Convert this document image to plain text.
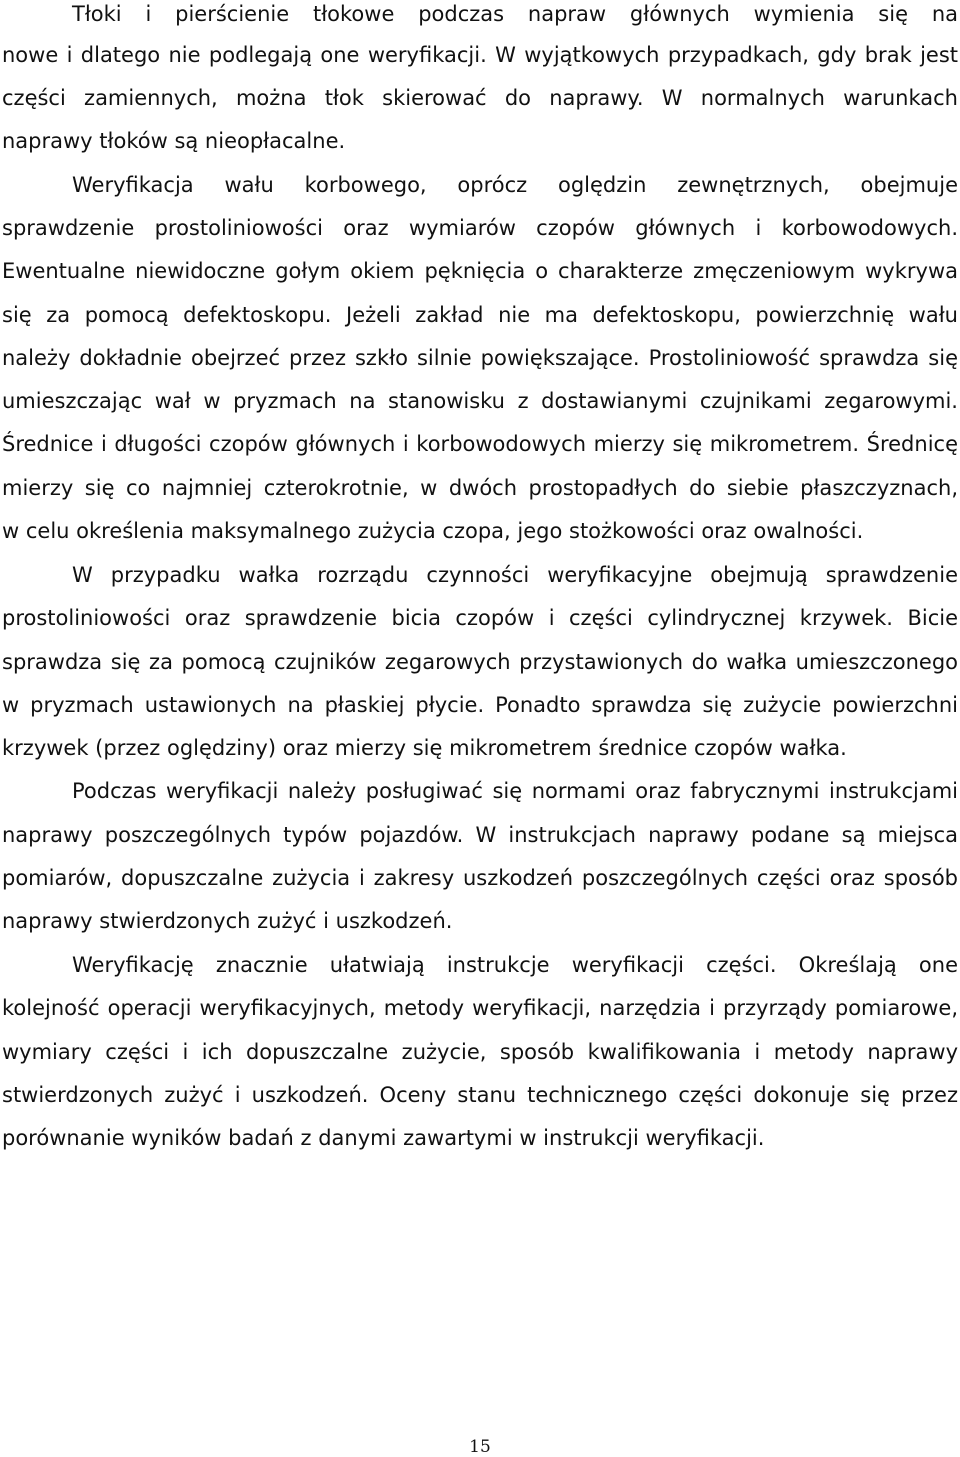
Tłoki i pierścienie tłokowe podczas napraw głównych wymienia się na
nowe i dlatego nie podlegają one weryfikacji. W wyjątkowych przypadkach, gdy brak jest
części zamiennych, można tłok skierować do naprawy. W normalnych warunkach
naprawy tłoków są nieopłacalne.
Weryfikacja wału korbowego, oprócz oględzin zewnętrznych, obejmuje
sprawdzenie prostoliniowości oraz wymiarów czopów głównych i korbowodowych.
Ewentualne niewidoczne gołym okiem pęknięcia o charakterze zmęczeniowym wykrywa
się za pomocą defektoskopu. Jeżeli zakład nie ma defektoskopu, powierzchnię wału
należy dokładnie obejrzeć przez szkło silnie powiększające. Prostoliniowość sprawdza się
umieszczając wał w pryzmach na stanowisku z dostawianymi czujnikami zegarowymi.
Średnice i długości czopów głównych i korbowodowych mierzy się mikrometrem. Średnicę
mierzy się co najmniej czterokrotnie, w dwóch prostopadłych do siebie płaszczyznach,
w celu określenia maksymalnego zużycia czopa, jego stożkowości oraz owalności.
W przypadku wałka rozrządu czynności weryfikacyjne obejmują sprawdzenie
prostoliniowości oraz sprawdzenie bicia czopów i części cylindrycznej krzywek. Bicie
sprawdza się za pomocą czujników zegarowych przystawionych do wałka umieszczonego
w pryzmach ustawionych na płaskiej płycie. Ponadto sprawdza się zużycie powierzchni
krzywek (przez oględziny) oraz mierzy się mikrometrem średnice czopów wałka.
Podczas weryfikacji należy posługiwać się normami oraz fabrycznymi instrukcjami
naprawy poszczególnych typów pojazdów. W instrukcjach naprawy podane są miejsca
pomiarów, dopuszczalne zużycia i zakresy uszkodzeń poszczególnych części oraz sposób
naprawy stwierdzonych zużyć i uszkodzeń.
Weryfikację znacznie ułatwiają instrukcje weryfikacji części. Określają one
kolejność operacji weryfikacyjnych, metody weryfikacji, narzędzia i przyrządy pomiarowe,
wymiary części i ich dopuszczalne zużycie, sposób kwalifikowania i metody naprawy
stwierdzonych zużyć i uszkodzeń. Oceny stanu technicznego części dokonuje się przez
porównanie wyników badań z danymi zawartymi w instrukcji weryfikacji.
15
